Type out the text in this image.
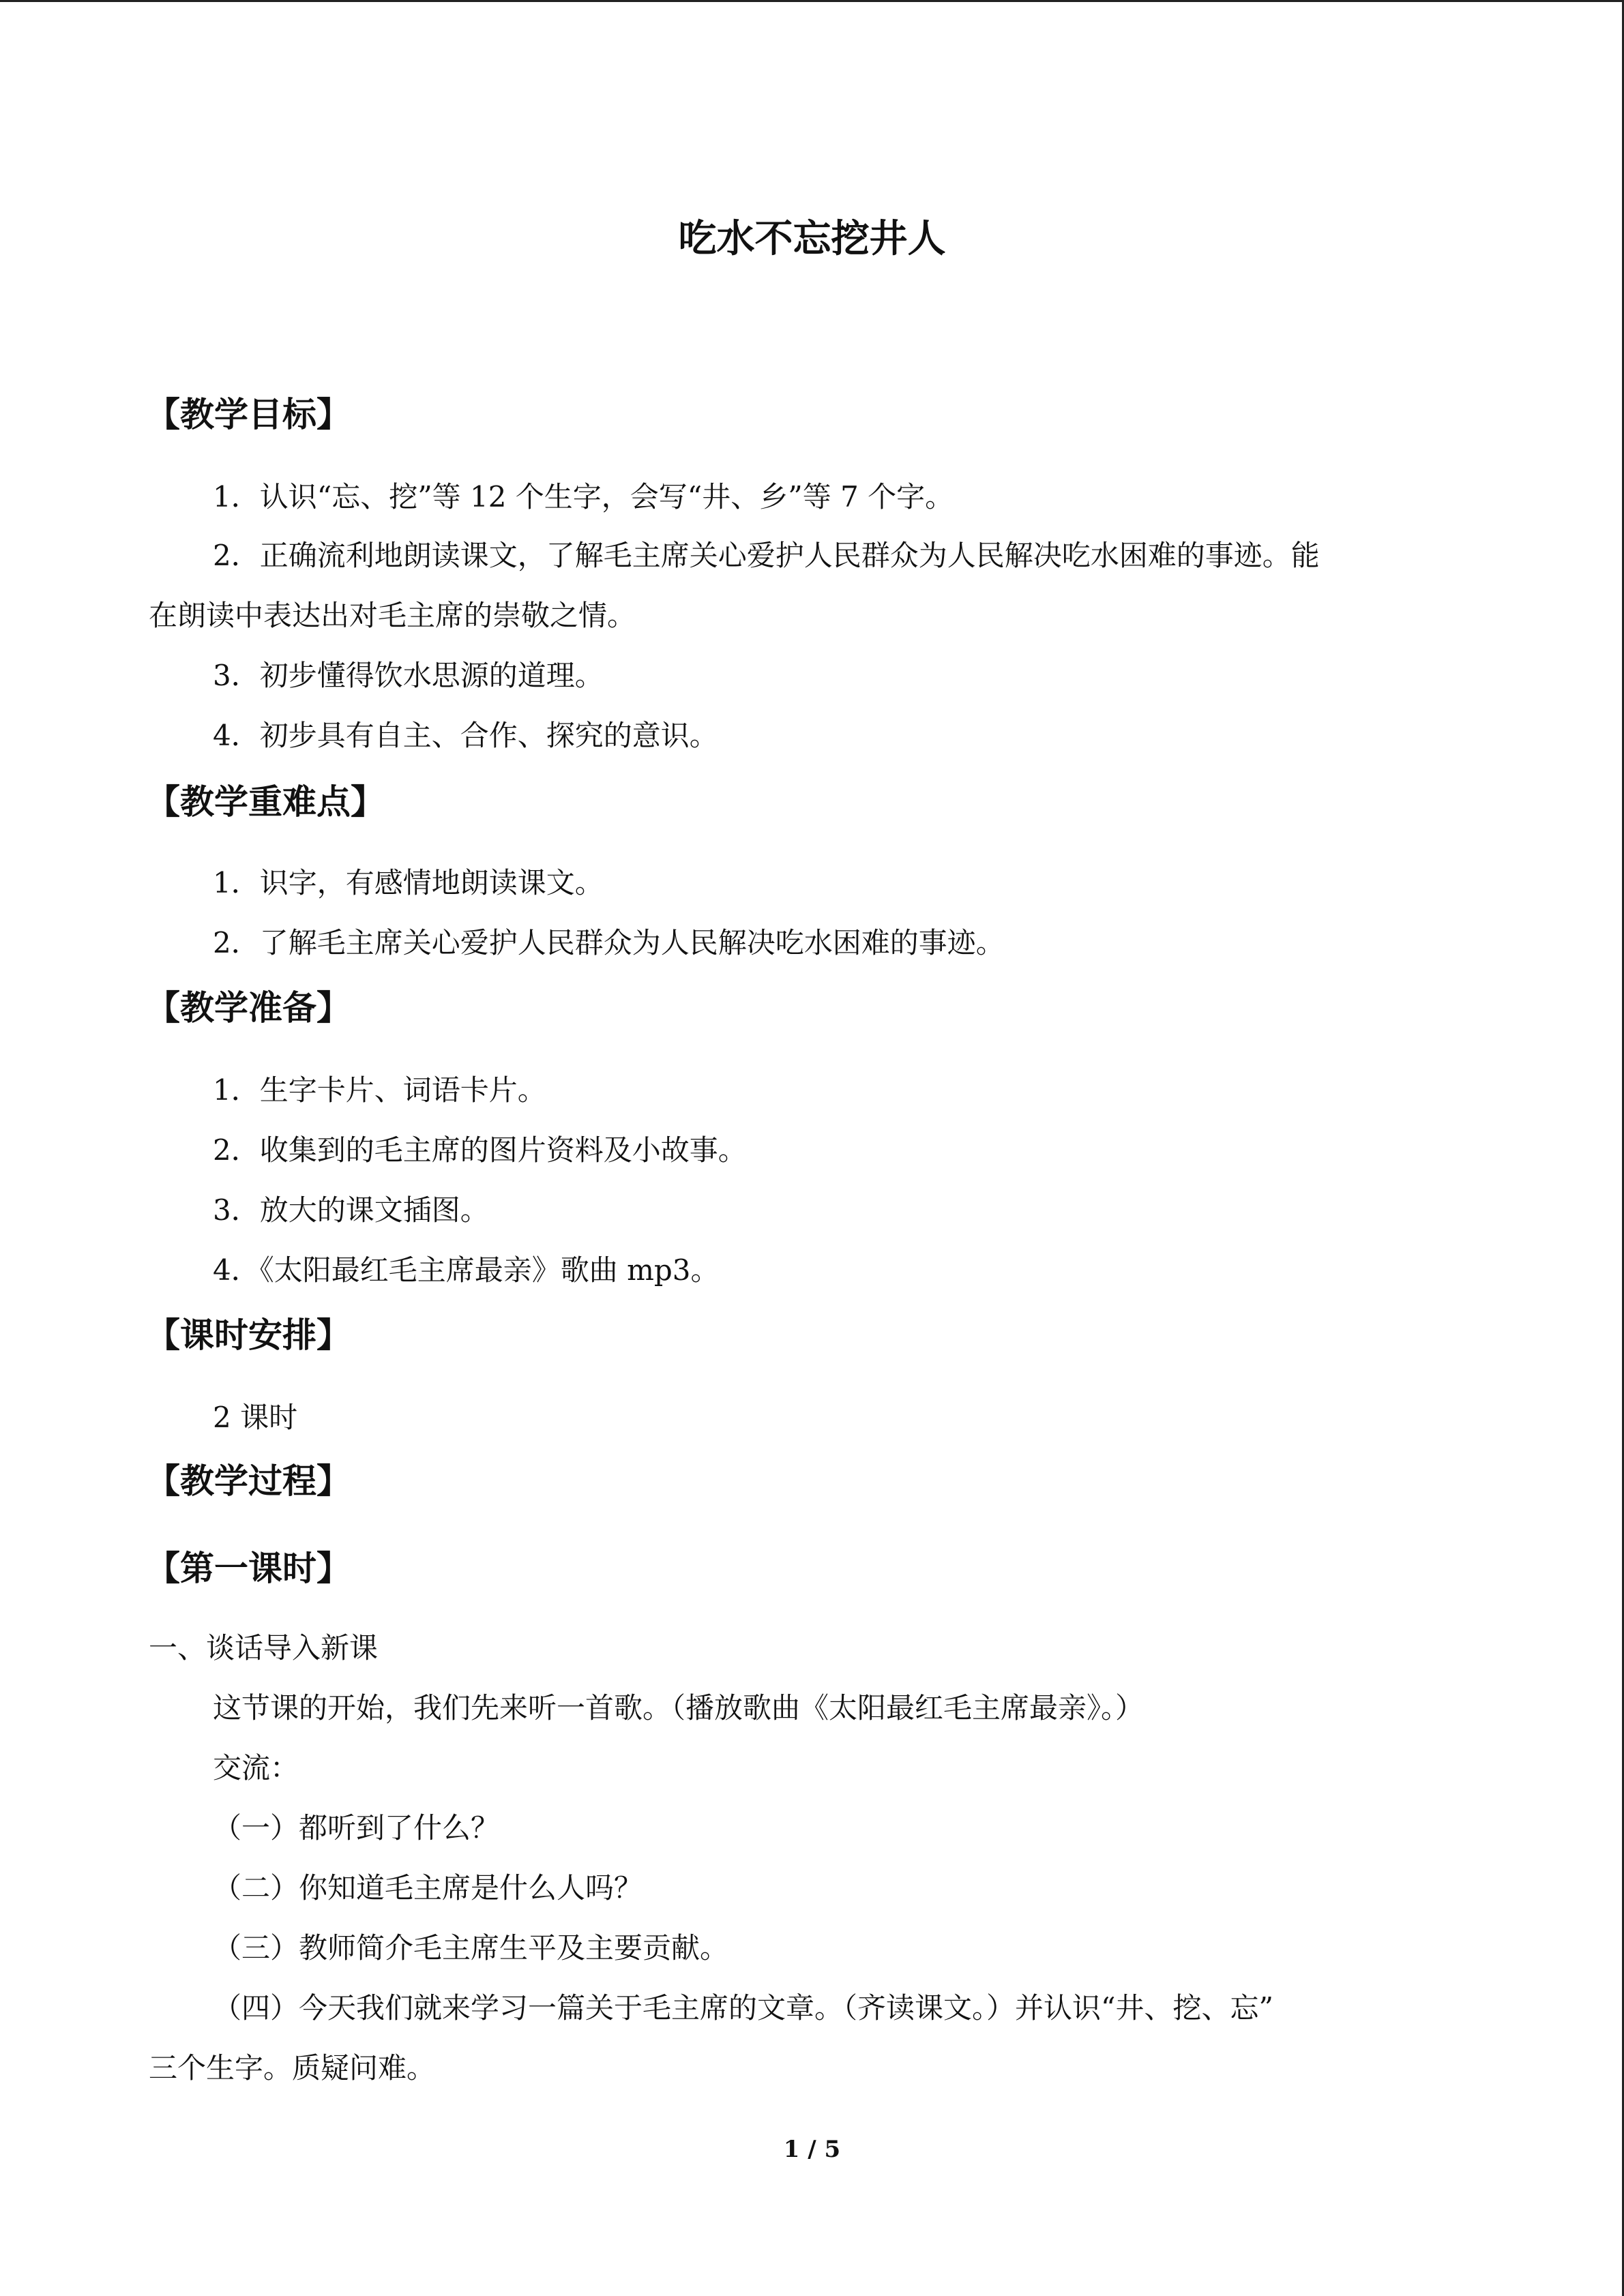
吃水不忘挖井人
【教学目标】
1．认识“忘、挖”等 12 个生字，会写“井、乡”等 7 个字。
2．正确流利地朗读课文，了解毛主席关心爱护人民群众为人民解决吃水困难的事迹。能
在朗读中表达出对毛主席的崇敬之情。
3．初步懂得饮水思源的道理。
4．初步具有自主、合作、探究的意识。
【教学重难点】
1．识字，有感情地朗读课文。
2．了解毛主席关心爱护人民群众为人民解决吃水困难的事迹。
【教学准备】
1．生字卡片、词语卡片。
2．收集到的毛主席的图片资料及小故事。
3．放大的课文插图。
4．《太阳最红毛主席最亲》歌曲 mp3。
【课时安排】
2 课时
【教学过程】
【第一课时】
一、谈话导入新课
这节课的开始，我们先来听一首歌。（播放歌曲《太阳最红毛主席最亲》。）
交流：
（一）都听到了什么？
（二）你知道毛主席是什么人吗？
（三）教师简介毛主席生平及主要贡献。
（四）今天我们就来学习一篇关于毛主席的文章。（齐读课文。）并认识“井、挖、忘”
三个生字。质疑问难。
1 / 5
